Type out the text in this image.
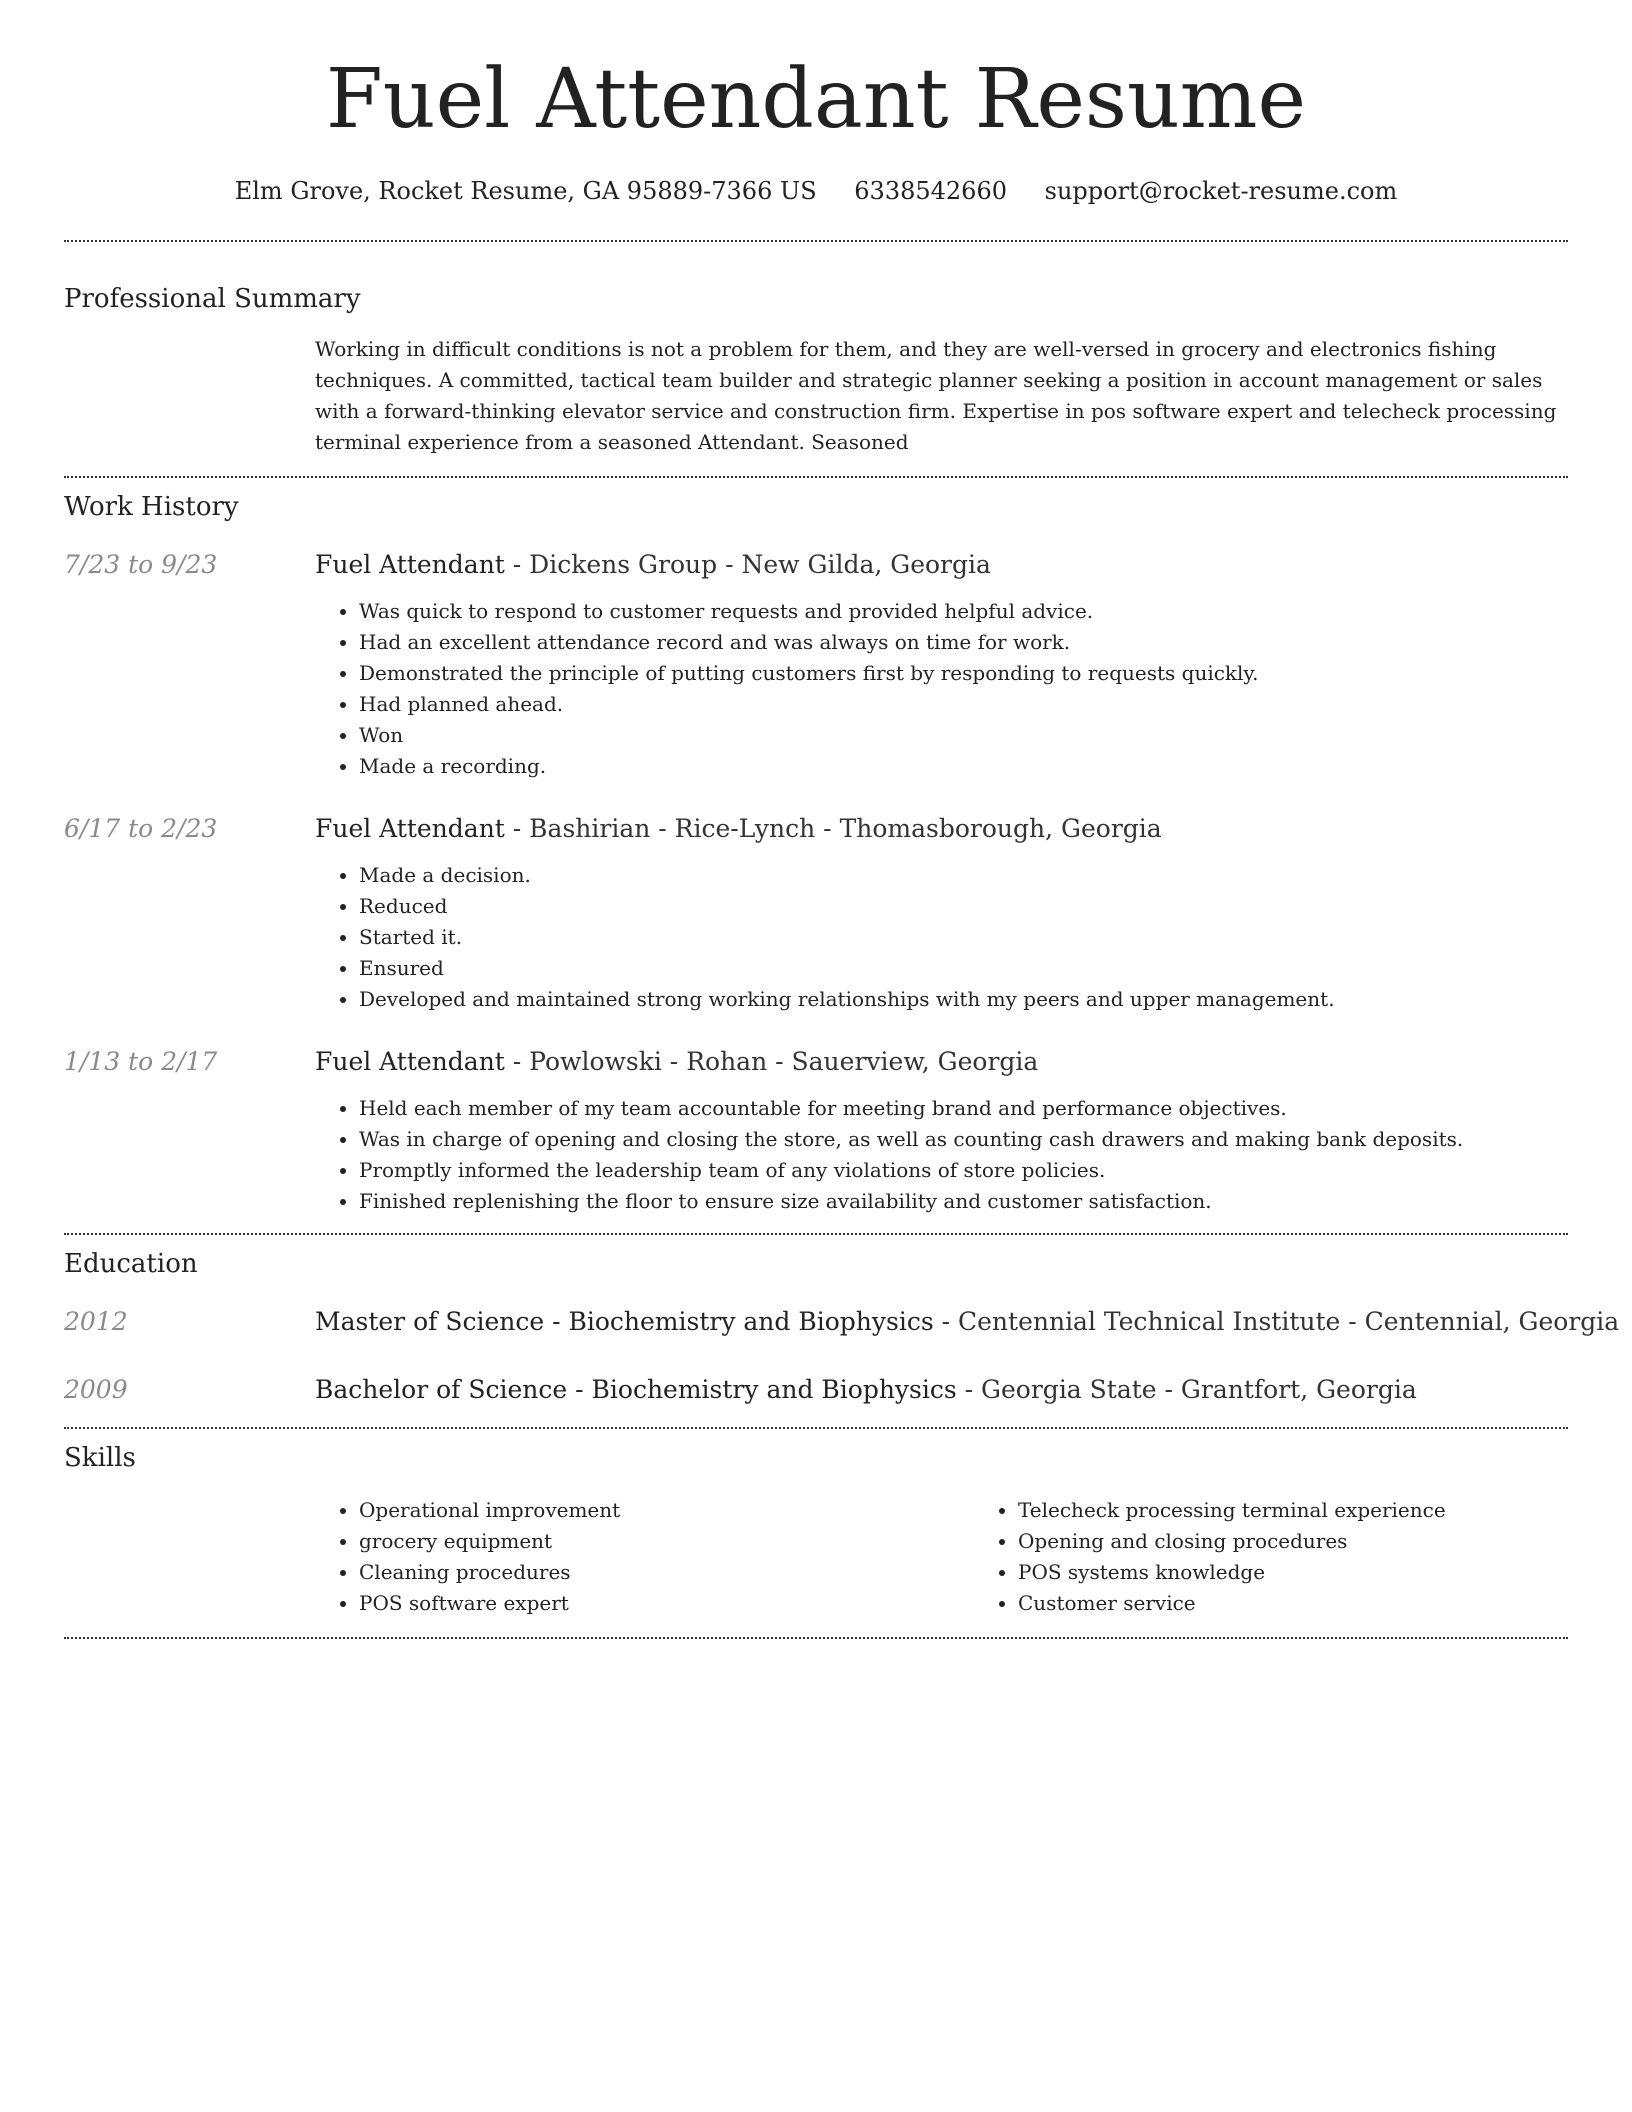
Fuel Attendant Resume
Elm Grove, Rocket Resume, GA 95889-7366 US 6338542660 support@rocket-resume.com
Professional Summary
Working in difficult conditions is not a problem for them, and they are well-versed in grocery and electronics fishing techniques. A committed, tactical team builder and strategic planner seeking a position in account management or sales with a forward-thinking elevator service and construction firm. Expertise in pos software expert and telecheck processing terminal experience from a seasoned Attendant. Seasoned
Work History
7/23 to 9/23	Fuel Attendant - Dickens Group - New Gilda, Georgia
• Was quick to respond to customer requests and provided helpful advice.
• Had an excellent attendance record and was always on time for work.
• Demonstrated the principle of putting customers first by responding to requests quickly.
• Had planned ahead.
• Won
• Made a recording.
6/17 to 2/23	Fuel Attendant - Bashirian - Rice-Lynch - Thomasborough, Georgia
• Made a decision.
• Reduced
• Started it.
• Ensured
• Developed and maintained strong working relationships with my peers and upper management.
1/13 to 2/17	Fuel Attendant - Powlowski - Rohan - Sauerview, Georgia
• Held each member of my team accountable for meeting brand and performance objectives.
• Was in charge of opening and closing the store, as well as counting cash drawers and making bank deposits.
• Promptly informed the leadership team of any violations of store policies.
• Finished replenishing the floor to ensure size availability and customer satisfaction.
Education
2012	Master of Science - Biochemistry and Biophysics - Centennial Technical Institute - Centennial, Georgia
2009	Bachelor of Science - Biochemistry and Biophysics - Georgia State - Grantfort, Georgia
Skills
• Operational improvement
• grocery equipment
• Cleaning procedures
• POS software expert
• Telecheck processing terminal experience
• Opening and closing procedures
• POS systems knowledge
• Customer service
